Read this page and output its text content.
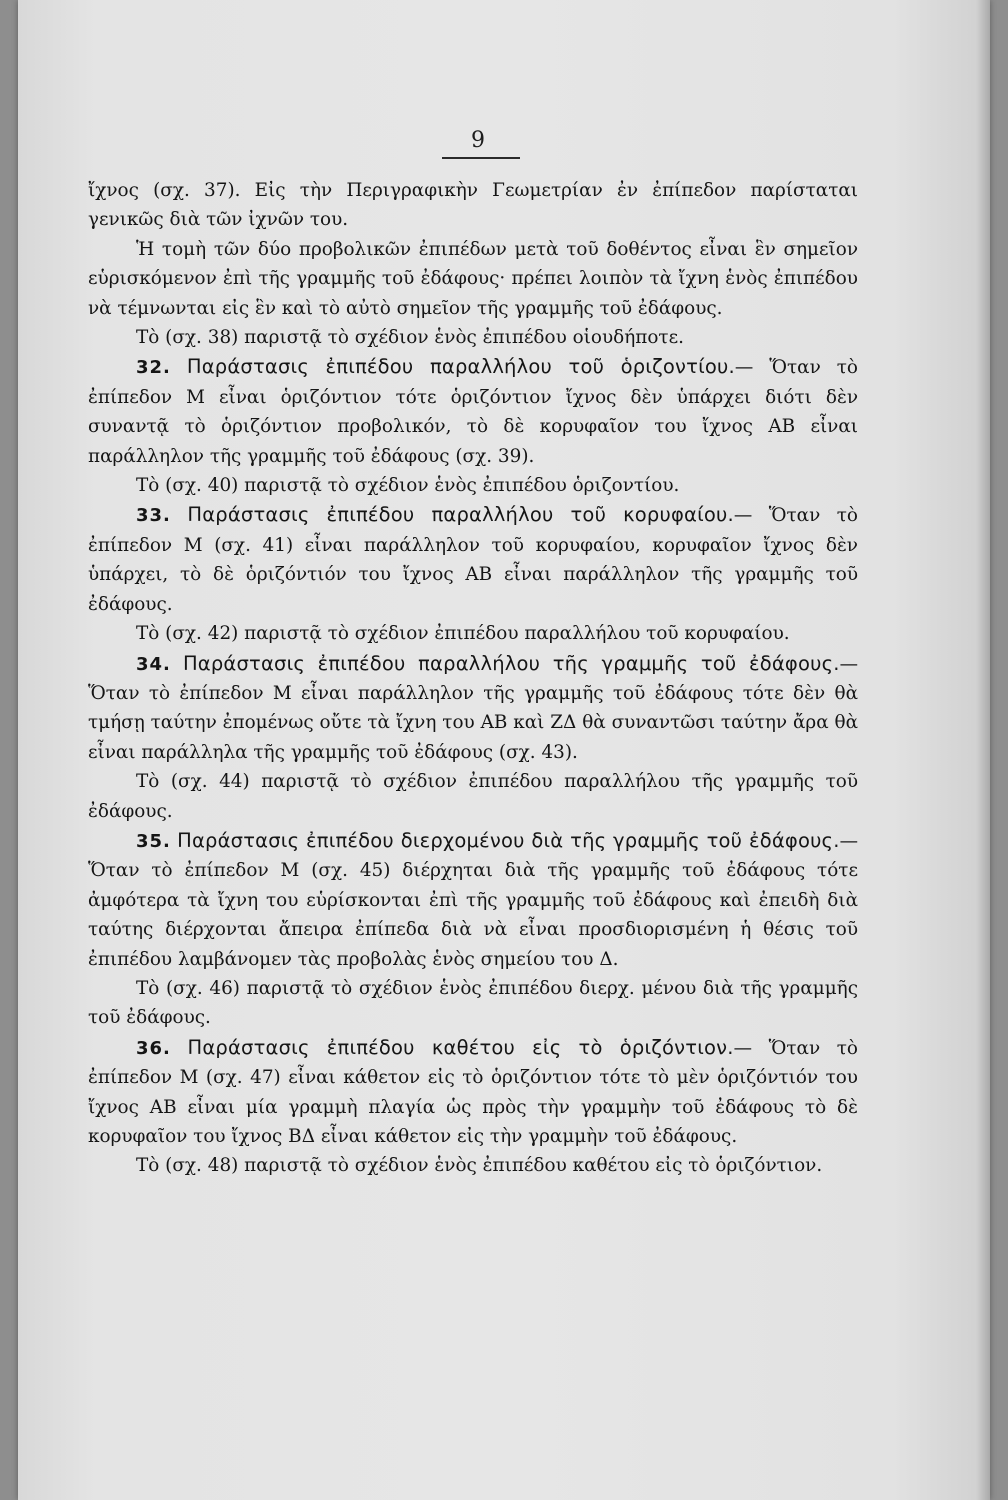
9

ἴχνος (σχ. 37). Εἰς τὴν Περιγραφικὴν Γεωμετρίαν ἐν ἐπίπεδον παρίσταται γενικῶς διὰ τῶν ἰχνῶν του.

Ἡ τομὴ τῶν δύο προβολικῶν ἐπιπέδων μετὰ τοῦ δοθέντος εἶναι ἓν σημεῖον εὑρισκόμενον ἐπὶ τῆς γραμμῆς τοῦ ἐδάφους· πρέπει λοιπὸν τὰ ἴχνη ἑνὸς ἐπιπέδου νὰ τέμνωνται εἰς ἓν καὶ τὸ αὐτὸ σημεῖον τῆς γραμμῆς τοῦ ἐδάφους.

Τὸ (σχ. 38) παριστᾷ τὸ σχέδιον ἑνὸς ἐπιπέδου οἱουδήποτε.

32. Παράστασις ἐπιπέδου παραλλήλου τοῦ ὁριζοντίου.— Ὅταν τὸ ἐπίπεδον Μ εἶναι ὁριζόντιον τότε ὁριζόντιον ἴχνος δὲν ὑπάρχει διότι δὲν συναντᾷ τὸ ὁριζόντιον προβολικόν, τὸ δὲ κορυφαῖον του ἴχνος ΑΒ εἶναι παράλληλον τῆς γραμμῆς τοῦ ἐδάφους (σχ. 39).

Τὸ (σχ. 40) παριστᾷ τὸ σχέδιον ἑνὸς ἐπιπέδου ὁριζοντίου.

33. Παράστασις ἐπιπέδου παραλλήλου τοῦ κορυφαίου.— Ὅταν τὸ ἐπίπεδον Μ (σχ. 41) εἶναι παράλληλον τοῦ κορυφαίου, κορυφαῖον ἴχνος δὲν ὑπάρχει, τὸ δὲ ὁριζόντιόν του ἴχνος ΑΒ εἶναι παράλληλον τῆς γραμμῆς τοῦ ἐδάφους.

Τὸ (σχ. 42) παριστᾷ τὸ σχέδιον ἐπιπέδου παραλλήλου τοῦ κορυφαίου.

34. Παράστασις ἐπιπέδου παραλλήλου τῆς γραμμῆς τοῦ ἐδάφους.— Ὅταν τὸ ἐπίπεδον Μ εἶναι παράλληλον τῆς γραμμῆς τοῦ ἐδάφους τότε δὲν θὰ τμήσῃ ταύτην ἐπομένως οὔτε τὰ ἴχνη του ΑΒ καὶ ΖΔ θὰ συναντῶσι ταύτην ἄρα θὰ εἶναι παράλληλα τῆς γραμμῆς τοῦ ἐδάφους (σχ. 43).

Τὸ (σχ. 44) παριστᾷ τὸ σχέδιον ἐπιπέδου παραλλήλου τῆς γραμμῆς τοῦ ἐδάφους.

35. Παράστασις ἐπιπέδου διερχομένου διὰ τῆς γραμμῆς τοῦ ἐδάφους.— Ὅταν τὸ ἐπίπεδον Μ (σχ. 45) διέρχηται διὰ τῆς γραμμῆς τοῦ ἐδάφους τότε ἀμφότερα τὰ ἴχνη του εὑρίσκονται ἐπὶ τῆς γραμμῆς τοῦ ἐδάφους καὶ ἐπειδὴ διὰ ταύτης διέρχονται ἄπειρα ἐπίπεδα διὰ νὰ εἶναι προσδιορισμένη ἡ θέσις τοῦ ἐπιπέδου λαμβάνομεν τὰς προβολὰς ἑνὸς σημείου του Δ.

Τὸ (σχ. 46) παριστᾷ τὸ σχέδιον ἑνὸς ἐπιπέδου διερχ. μένου διὰ τῆς γραμμῆς τοῦ ἐδάφους.

36. Παράστασις ἐπιπέδου καθέτου εἰς τὸ ὁριζόντιον.— Ὅταν τὸ ἐπίπεδον Μ (σχ. 47) εἶναι κάθετον εἰς τὸ ὁριζόντιον τότε τὸ μὲν ὁριζόντιόν του ἴχνος ΑΒ εἶναι μία γραμμὴ πλαγία ὡς πρὸς τὴν γραμμὴν τοῦ ἐδάφους τὸ δὲ κορυφαῖον του ἴχνος ΒΔ εἶναι κάθετον εἰς τὴν γραμμὴν τοῦ ἐδάφους.

Τὸ (σχ. 48) παριστᾷ τὸ σχέδιον ἑνὸς ἐπιπέδου καθέτου εἰς τὸ ὁριζόντιον.
